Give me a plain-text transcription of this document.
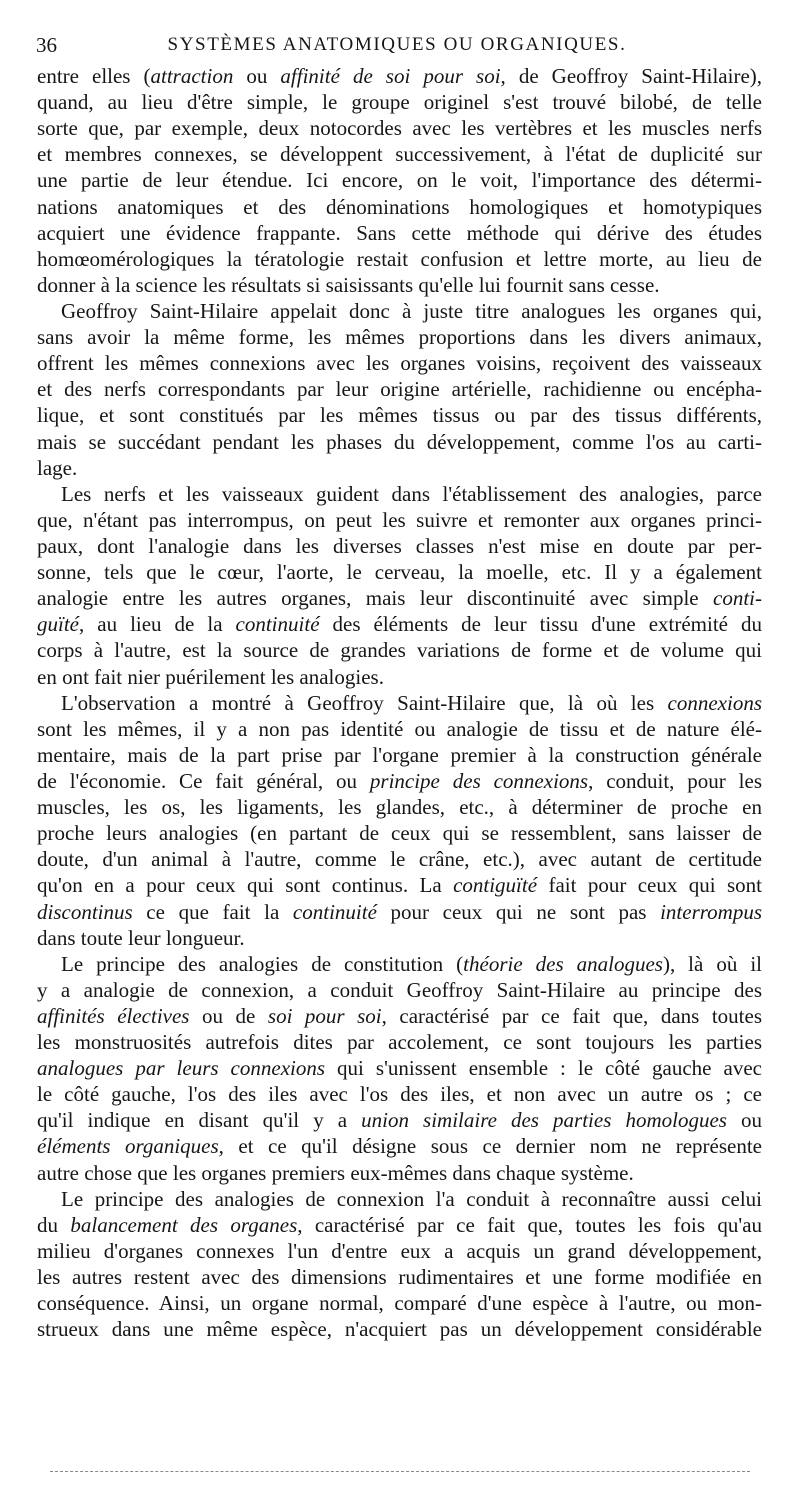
36	SYSTÈMES ANATOMIQUES OU ORGANIQUES.
entre elles (attraction ou affinité de soi pour soi, de Geoffroy Saint-Hilaire),
quand, au lieu d'être simple, le groupe originel s'est trouvé bilobé, de telle
sorte que, par exemple, deux notocordes avec les vertèbres et les muscles nerfs
et membres connexes, se développent successivement, à l'état de duplicité sur
une partie de leur étendue. Ici encore, on le voit, l'importance des détermi-
nations anatomiques et des dénominations homologiques et homotypiques
acquiert une évidence frappante. Sans cette méthode qui dérive des études
homœomérologiques la tératologie restait confusion et lettre morte, au lieu de
donner à la science les résultats si saisissants qu'elle lui fournit sans cesse.
Geoffroy Saint-Hilaire appelait donc à juste titre analogues les organes qui,
sans avoir la même forme, les mêmes proportions dans les divers animaux,
offrent les mêmes connexions avec les organes voisins, reçoivent des vaisseaux
et des nerfs correspondants par leur origine artérielle, rachidienne ou encépha-
lique, et sont constitués par les mêmes tissus ou par des tissus différents,
mais se succédant pendant les phases du développement, comme l'os au carti-
lage.
Les nerfs et les vaisseaux guident dans l'établissement des analogies, parce
que, n'étant pas interrompus, on peut les suivre et remonter aux organes princi-
paux, dont l'analogie dans les diverses classes n'est mise en doute par per-
sonne, tels que le cœur, l'aorte, le cerveau, la moelle, etc. Il y a également
analogie entre les autres organes, mais leur discontinuité avec simple conti-
guïté, au lieu de la continuité des éléments de leur tissu d'une extrémité du
corps à l'autre, est la source de grandes variations de forme et de volume qui
en ont fait nier puérilement les analogies.
L'observation a montré à Geoffroy Saint-Hilaire que, là où les connexions
sont les mêmes, il y a non pas identité ou analogie de tissu et de nature élé-
mentaire, mais de la part prise par l'organe premier à la construction générale
de l'économie. Ce fait général, ou principe des connexions, conduit, pour les
muscles, les os, les ligaments, les glandes, etc., à déterminer de proche en
proche leurs analogies (en partant de ceux qui se ressemblent, sans laisser de
doute, d'un animal à l'autre, comme le crâne, etc.), avec autant de certitude
qu'on en a pour ceux qui sont continus. La contiguïté fait pour ceux qui sont
discontinus ce que fait la continuité pour ceux qui ne sont pas interrompus
dans toute leur longueur.
Le principe des analogies de constitution (théorie des analogues), là où il
y a analogie de connexion, a conduit Geoffroy Saint-Hilaire au principe des
affinités électives ou de soi pour soi, caractérisé par ce fait que, dans toutes
les monstruosités autrefois dites par accolement, ce sont toujours les parties
analogues par leurs connexions qui s'unissent ensemble : le côté gauche avec
le côté gauche, l'os des iles avec l'os des iles, et non avec un autre os ; ce
qu'il indique en disant qu'il y a union similaire des parties homologues ou
éléments organiques, et ce qu'il désigne sous ce dernier nom ne représente
autre chose que les organes premiers eux-mêmes dans chaque système.
Le principe des analogies de connexion l'a conduit à reconnaître aussi celui
du balancement des organes, caractérisé par ce fait que, toutes les fois qu'au
milieu d'organes connexes l'un d'entre eux a acquis un grand développement,
les autres restent avec des dimensions rudimentaires et une forme modifiée en
conséquence. Ainsi, un organe normal, comparé d'une espèce à l'autre, ou mon-
strueux dans une même espèce, n'acquiert pas un développement considérable
